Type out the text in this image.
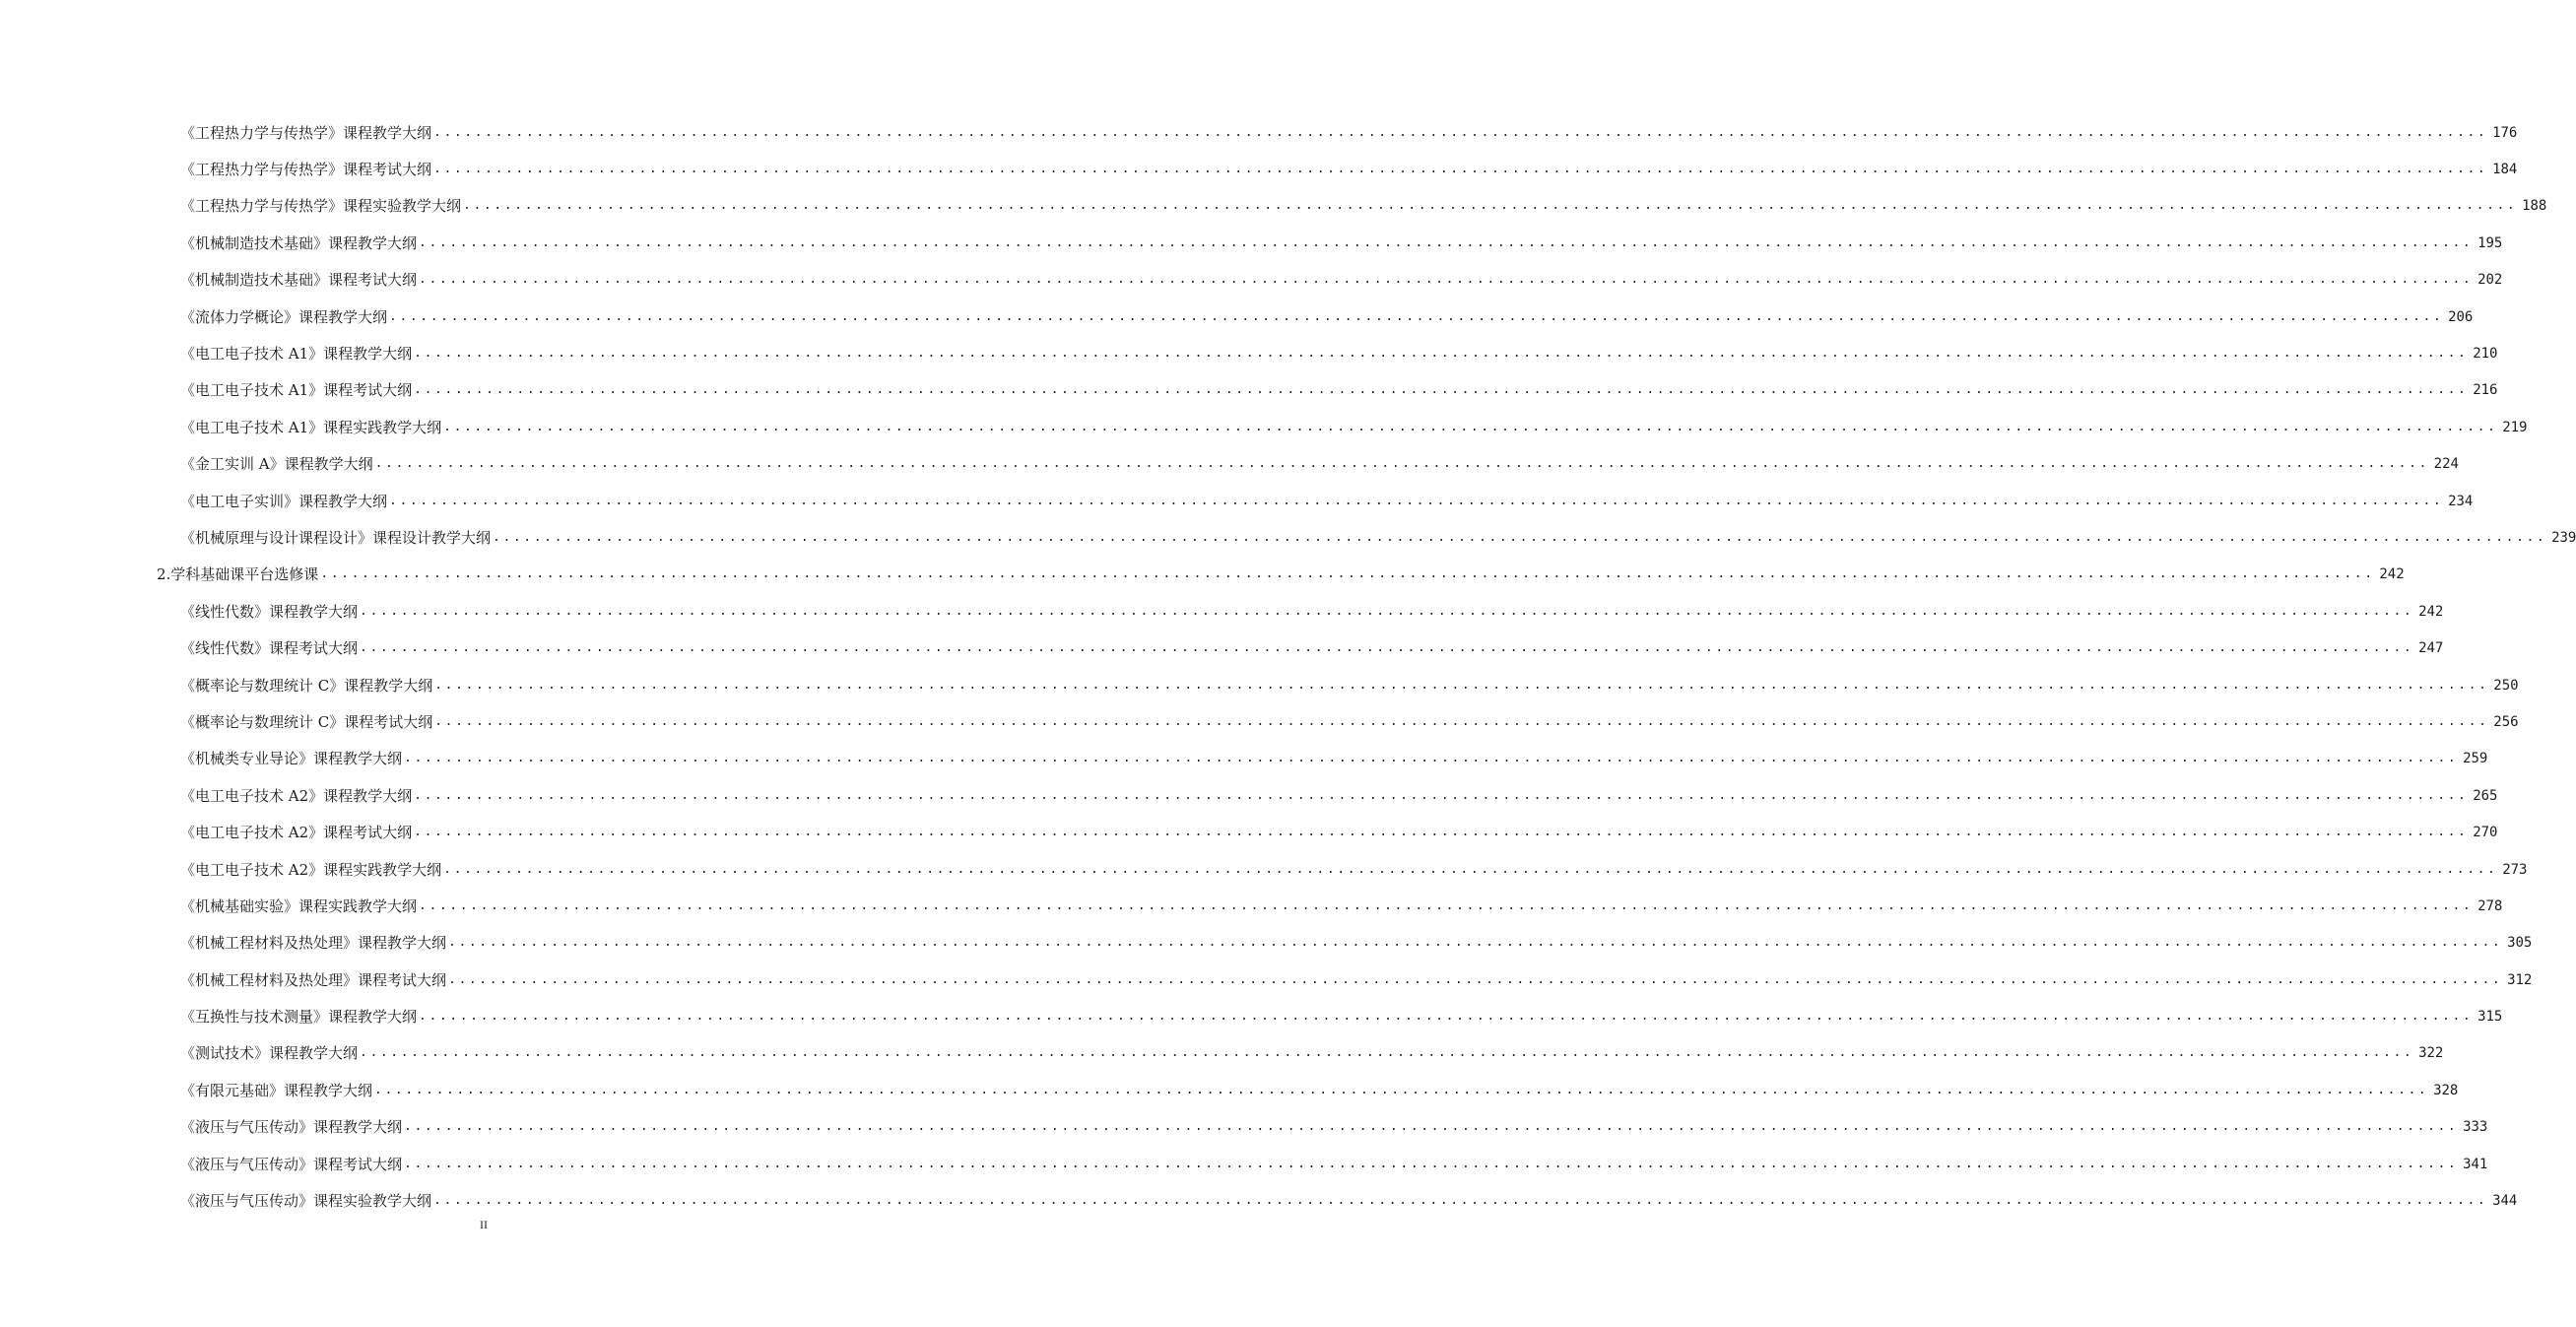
《工程热力学与传热学》课程教学大纲 ........................................................................................................................................................................................................ 176
《工程热力学与传热学》课程考试大纲 ........................................................................................................................................................................................................ 184
《工程热力学与传热学》课程实验教学大纲 ........................................................................................................................................................................................................ 188
《机械制造技术基础》课程教学大纲 ........................................................................................................................................................................................................ 195
《机械制造技术基础》课程考试大纲 ........................................................................................................................................................................................................ 202
《流体力学概论》课程教学大纲 ........................................................................................................................................................................................................ 206
《电工电子技术 A1》课程教学大纲 ........................................................................................................................................................................................................ 210
《电工电子技术 A1》课程考试大纲 ........................................................................................................................................................................................................ 216
《电工电子技术 A1》课程实践教学大纲 ........................................................................................................................................................................................................ 219
《金工实训 A》课程教学大纲 ........................................................................................................................................................................................................ 224
《电工电子实训》课程教学大纲 ........................................................................................................................................................................................................ 234
《机械原理与设计课程设计》课程设计教学大纲 ........................................................................................................................................................................................................ 239
2.学科基础课平台选修课 ........................................................................................................................................................................................................ 242
《线性代数》课程教学大纲 ........................................................................................................................................................................................................ 242
《线性代数》课程考试大纲 ........................................................................................................................................................................................................ 247
《概率论与数理统计 C》课程教学大纲 ........................................................................................................................................................................................................ 250
《概率论与数理统计 C》课程考试大纲 ........................................................................................................................................................................................................ 256
《机械类专业导论》课程教学大纲 ........................................................................................................................................................................................................ 259
《电工电子技术 A2》课程教学大纲 ........................................................................................................................................................................................................ 265
《电工电子技术 A2》课程考试大纲 ........................................................................................................................................................................................................ 270
《电工电子技术 A2》课程实践教学大纲 ........................................................................................................................................................................................................ 273
《机械基础实验》课程实践教学大纲 ........................................................................................................................................................................................................ 278
《机械工程材料及热处理》课程教学大纲 ........................................................................................................................................................................................................ 305
《机械工程材料及热处理》课程考试大纲 ........................................................................................................................................................................................................ 312
《互换性与技术测量》课程教学大纲 ........................................................................................................................................................................................................ 315
《测试技术》课程教学大纲 ........................................................................................................................................................................................................ 322
《有限元基础》课程教学大纲 ........................................................................................................................................................................................................ 328
《液压与气压传动》课程教学大纲 ........................................................................................................................................................................................................ 333
《液压与气压传动》课程考试大纲 ........................................................................................................................................................................................................ 341
《液压与气压传动》课程实验教学大纲 ........................................................................................................................................................................................................ 344
II
